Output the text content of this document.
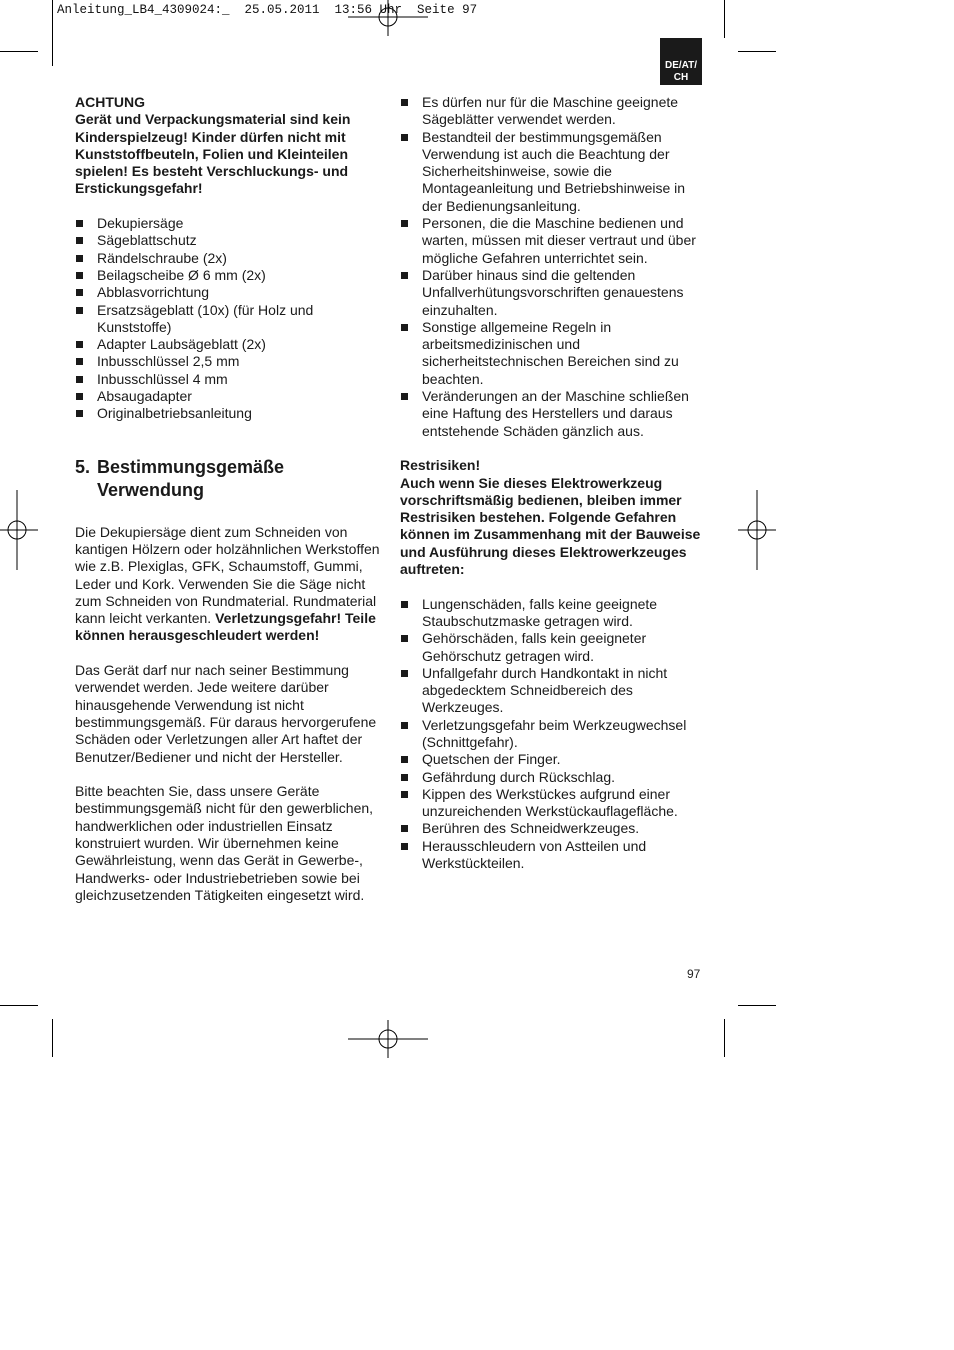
Anleitung_LB4_4309024:_  25.05.2011  13:56 Uhr  Seite 97
DE/AT/
CH

ACHTUNG

Gerät und Verpackungsmaterial sind kein Kinderspielzeug! Kinder dürfen nicht mit Kunststoffbeuteln, Folien und Kleinteilen spielen! Es besteht Verschluckungs- und Erstickungsgefahr!

Dekupiersäge
Sägeblattschutz
Rändelschraube (2x)
Beilagscheibe Ø 6 mm (2x)
Abblasvorrichtung
Ersatzsägeblatt (10x) (für Holz und Kunststoffe)
Adapter Laubsägeblatt (2x)
Inbusschlüssel 2,5 mm
Inbusschlüssel 4 mm
Absaugadapter
Originalbetriebsanleitung
5. Bestimmungsgemäße Verwendung

Die Dekupiersäge dient zum Schneiden von kantigen Hölzern oder holzähnlichen Werkstoffen wie z.B. Plexiglas, GFK, Schaumstoff, Gummi, Leder und Kork. Verwenden Sie die Säge nicht zum Schneiden von Rundmaterial. Rundmaterial kann leicht verkanten. Verletzungsgefahr! Teile können herausgeschleudert werden!

Das Gerät darf nur nach seiner Bestimmung verwendet werden. Jede weitere darüber hinausgehende Verwendung ist nicht bestimmungsgemäß. Für daraus hervorgerufene Schäden oder Verletzungen aller Art haftet der Benutzer/Bediener und nicht der Hersteller.

Bitte beachten Sie, dass unsere Geräte bestimmungsgemäß nicht für den gewerblichen, handwerklichen oder industriellen Einsatz konstruiert wurden. Wir übernehmen keine Gewährleistung, wenn das Gerät in Gewerbe-, Handwerks- oder Industriebetrieben sowie bei gleichzusetzenden Tätigkeiten eingesetzt wird.

Es dürfen nur für die Maschine geeignete Sägeblätter verwendet werden.
Bestandteil der bestimmungsgemäßen Verwendung ist auch die Beachtung der Sicherheitshinweise, sowie die Montageanleitung und Betriebshinweise in der Bedienungsanleitung.
Personen, die die Maschine bedienen und warten, müssen mit dieser vertraut und über mögliche Gefahren unterrichtet sein.
Darüber hinaus sind die geltenden Unfallverhütungsvorschriften genauestens einzuhalten.
Sonstige allgemeine Regeln in arbeitsmedizinischen und sicherheitstechnischen Bereichen sind zu beachten.
Veränderungen an der Maschine schließen eine Haftung des Herstellers und daraus entstehende Schäden gänzlich aus.

Restrisiken!

Auch wenn Sie dieses Elektrowerkzeug vorschriftsmäßig bedienen, bleiben immer Restrisiken bestehen. Folgende Gefahren können im Zusammenhang mit der Bauweise und Ausführung dieses Elektrowerkzeuges auftreten:

Lungenschäden, falls keine geeignete Staubschutzmaske getragen wird.
Gehörschäden, falls kein geeigneter Gehörschutz getragen wird.
Unfallgefahr durch Handkontakt in nicht abgedecktem Schneidbereich des Werkzeuges.
Verletzungsgefahr beim Werkzeugwechsel (Schnittgefahr).
Quetschen der Finger.
Gefährdung durch Rückschlag.
Kippen des Werkstückes aufgrund einer unzureichenden Werkstückauflagefläche.
Berühren des Schneidwerkzeuges.
Herausschleudern von Astteilen und Werkstückteilen.
97
